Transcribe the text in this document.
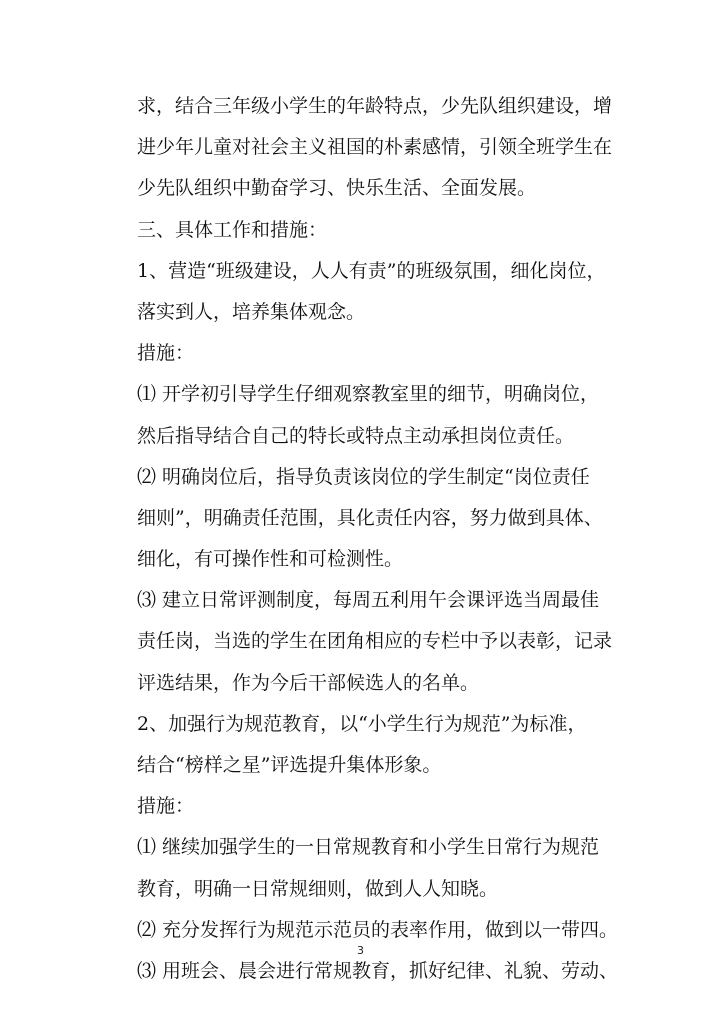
求，结合三年级小学生的年龄特点，少先队组织建设，增
进少年儿童对社会主义祖国的朴素感情，引领全班学生在
少先队组织中勤奋学习、快乐生活、全面发展。
三、具体工作和措施：
1、营造“班级建设，人人有责”的班级氛围，细化岗位，
落实到人，培养集体观念。
措施：
⑴ 开学初引导学生仔细观察教室里的细节，明确岗位，
然后指导结合自己的特长或特点主动承担岗位责任。
⑵ 明确岗位后，指导负责该岗位的学生制定“岗位责任
细则”，明确责任范围，具化责任内容，努力做到具体、
细化，有可操作性和可检测性。
⑶ 建立日常评测制度，每周五利用午会课评选当周最佳
责任岗，当选的学生在团角相应的专栏中予以表彰，记录
评选结果，作为今后干部候选人的名单。
2、加强行为规范教育，以“小学生行为规范”为标准，
结合“榜样之星”评选提升集体形象。
措施：
⑴ 继续加强学生的一日常规教育和小学生日常行为规范
教育，明确一日常规细则，做到人人知晓。
⑵ 充分发挥行为规范示范员的表率作用，做到以一带四。
⑶ 用班会、晨会进行常规教育，抓好纪律、礼貌、劳动、
3
